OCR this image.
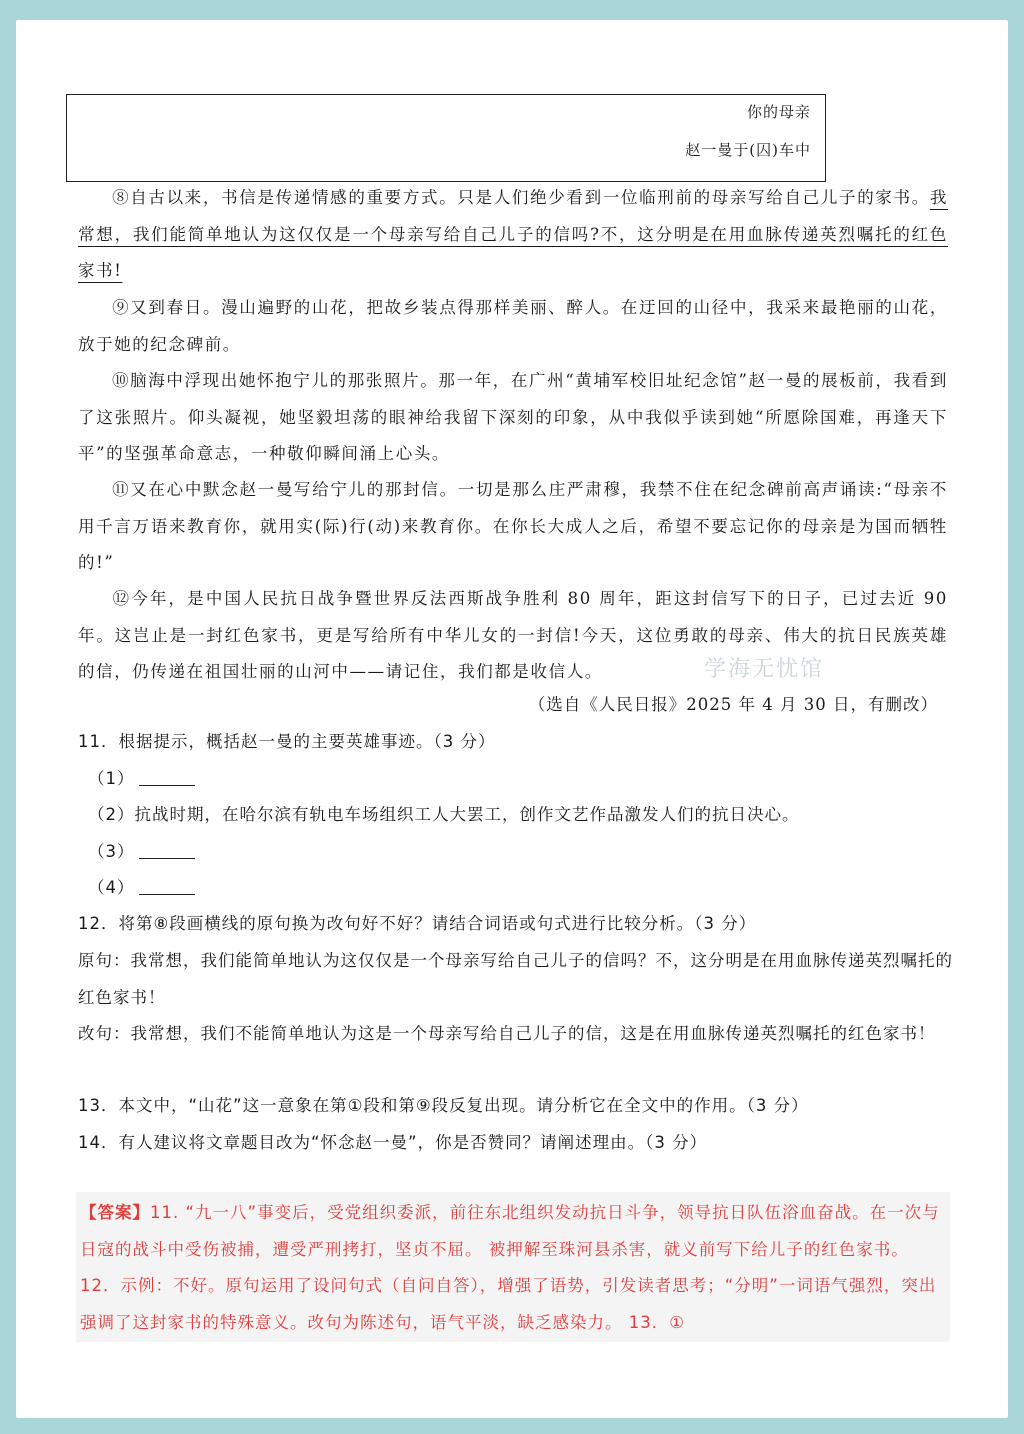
你的母亲
赵一曼于(囚)车中

⑧自古以来，书信是传递情感的重要方式。只是人们绝少看到一位临刑前的母亲写给自己儿子的家书。我常想，我们能简单地认为这仅仅是一个母亲写给自己儿子的信吗?不，这分明是在用血脉传递英烈嘱托的红色家书!

⑨又到春日。漫山遍野的山花，把故乡装点得那样美丽、醉人。在迂回的山径中，我采来最艳丽的山花，放于她的纪念碑前。

⑩脑海中浮现出她怀抱宁儿的那张照片。那一年，在广州“黄埔军校旧址纪念馆”赵一曼的展板前，我看到了这张照片。仰头凝视，她坚毅坦荡的眼神给我留下深刻的印象，从中我似乎读到她“所愿除国难，再逢天下平”的坚强革命意志，一种敬仰瞬间涌上心头。

⑪又在心中默念赵一曼写给宁儿的那封信。一切是那么庄严肃穆，我禁不住在纪念碑前高声诵读:“母亲不用千言万语来教育你，就用实(际)行(动)来教育你。在你长大成人之后，希望不要忘记你的母亲是为国而牺牲的!”

⑫今年，是中国人民抗日战争暨世界反法西斯战争胜利 80 周年，距这封信写下的日子，已过去近 90 年。这岂止是一封红色家书，更是写给所有中华儿女的一封信!今天，这位勇敢的母亲、伟大的抗日民族英雄的信，仍传递在祖国壮丽的山河中——请记住，我们都是收信人。	学海无忧馆
（选自《人民日报》2025 年 4 月 30 日，有删改）

11．根据提示，概括赵一曼的主要英雄事迹。（3 分）

（1）

（2）抗战时期，在哈尔滨有轨电车场组织工人大罢工，创作文艺作品激发人们的抗日决心。

（3）

（4）

12．将第⑧段画横线的原句换为改句好不好？请结合词语或句式进行比较分析。（3 分）

原句：我常想，我们能简单地认为这仅仅是一个母亲写给自己儿子的信吗？不，这分明是在用血脉传递英烈嘱托的红色家书！

改句：我常想，我们不能简单地认为这是一个母亲写给自己儿子的信，这是在用血脉传递英烈嘱托的红色家书！

13．本文中，“山花”这一意象在第①段和第⑨段反复出现。请分析它在全文中的作用。（3 分）

14．有人建议将文章题目改为“怀念赵一曼”，你是否赞同？请阐述理由。（3 分）

【答案】11. “九一八”事变后，受党组织委派，前往东北组织发动抗日斗争，领导抗日队伍浴血奋战。在一次与日寇的战斗中受伤被捕，遭受严刑拷打，坚贞不屈。 被押解至珠河县杀害，就义前写下给儿子的红色家书。 12．示例：不好。原句运用了设问句式（自问自答），增强了语势，引发读者思考；“分明”一词语气强烈，突出强调了这封家书的特殊意义。改句为陈述句，语气平淡，缺乏感染力。 13．①
